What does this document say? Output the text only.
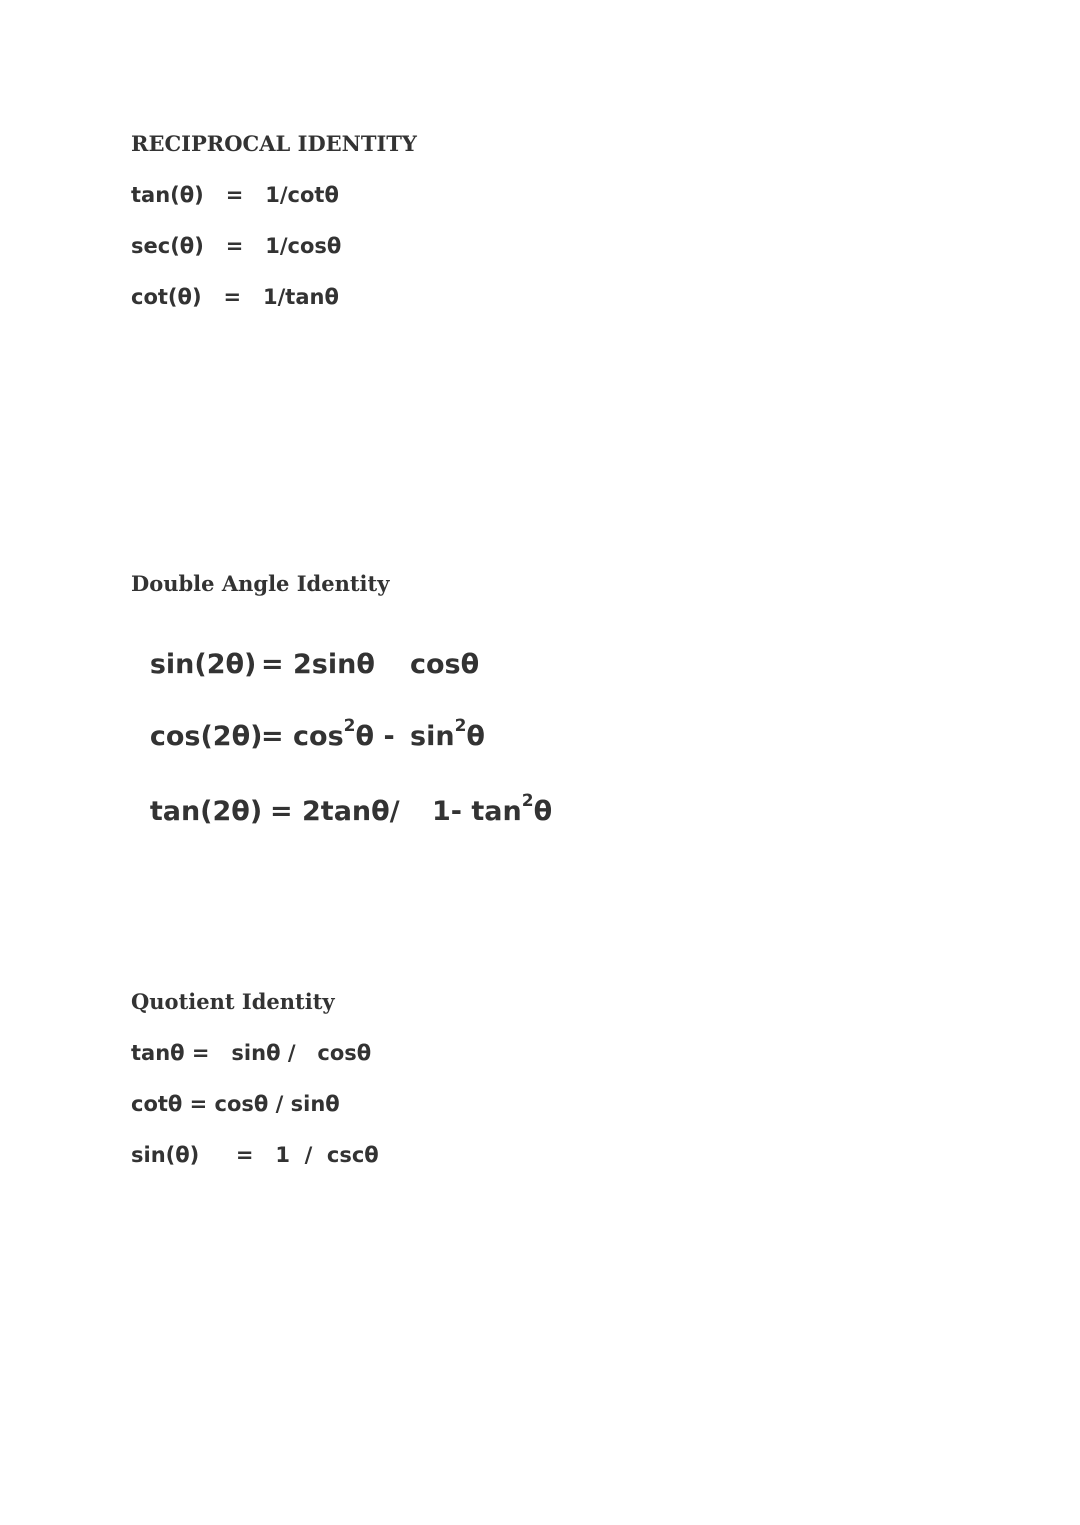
RECIPROCAL IDENTITY
tan(θ)   =   1/cotθ
sec(θ)   =   1/cosθ
cot(θ)   =   1/tanθ
Double Angle Identity

sin(2θ) = 2sinθ cosθ

cos(2θ)
= $\cos^2\theta - \sin^2\theta$

tan(2θ) = 2tanθ/ 1- $\tan^2\theta$

Quotient Identity
tanθ =   sinθ /   cosθ
cotθ = cosθ / sinθ
sin(θ)     =   1  /  cscθ
